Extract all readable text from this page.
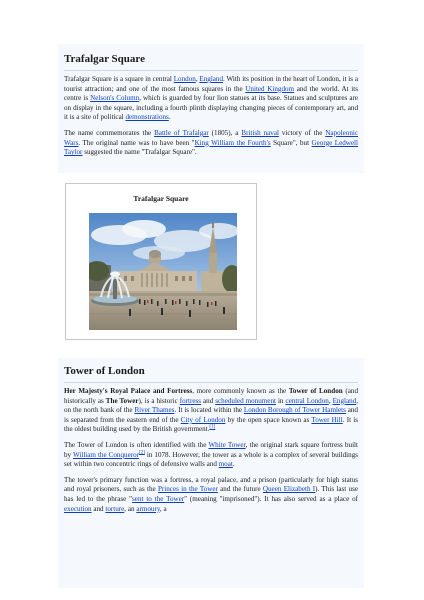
Trafalgar Square

Trafalgar Square is a square in central London, England. With its position in the heart of London, it is a tourist attraction; and one of the most famous squares in the United Kingdom and the world. At its centre is Nelson's Column, which is guarded by four lion statues at its base. Statues and sculptures are on display in the square, including a fourth plinth displaying changing pieces of contemporary art, and it is a site of political demonstrations.

The name commemorates the Battle of Trafalgar (1805), a British naval victory of the Napoleonic Wars. The original name was to have been "King William the Fourth's Square", but George Ledwell Taylor suggested the name "Trafalgar Square".

Trafalgar Square
Tower of London

Her Majesty's Royal Palace and Fortress, more commonly known as the Tower of London (and historically as The Tower), is a historic fortress and scheduled monument in central London, England, on the north bank of the River Thames. It is located within the London Borough of Tower Hamlets and is separated from the eastern end of the City of London by the open space known as Tower Hill. It is the oldest building used by the British government.[1]

The Tower of London is often identified with the White Tower, the original stark square fortress built by William the Conqueror[2] in 1078. However, the tower as a whole is a complex of several buildings set within two concentric rings of defensive walls and moat.

The tower's primary function was a fortress, a royal palace, and a prison (particularly for high status and royal prisoners, such as the Princes in the Tower and the future Queen Elizabeth I). This last use has led to the phrase "sent to the Tower" (meaning "imprisoned"). It has also served as a place of execution and torture, an armoury, a
